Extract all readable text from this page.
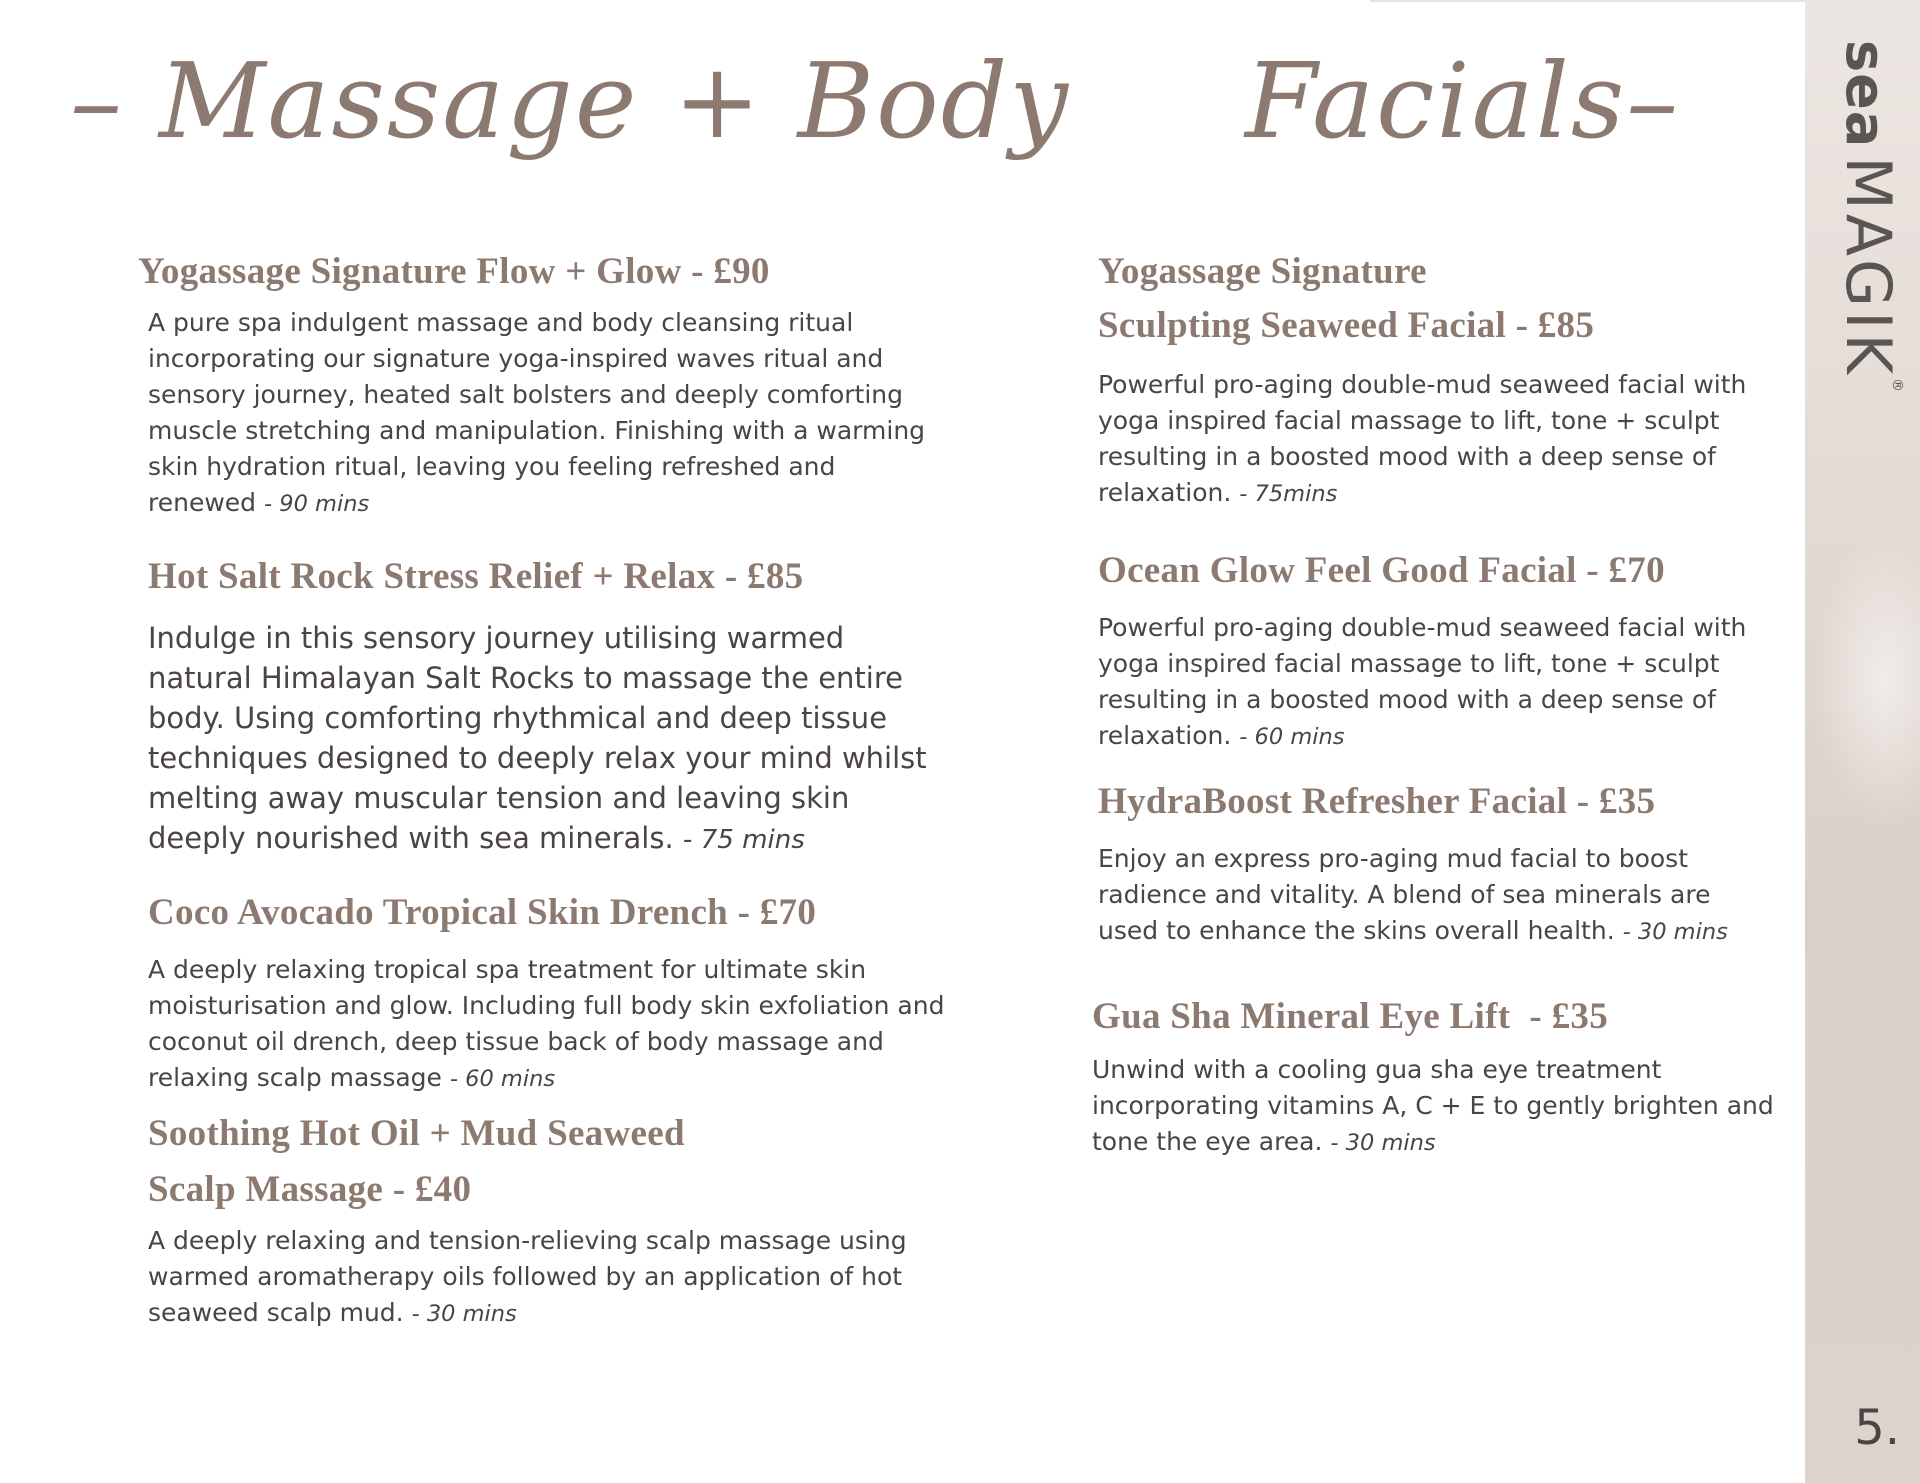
– Massage + Body Facials–
Yogassage Signature Flow + Glow - £90

A pure spa indulgent massage and body cleansing ritual incorporating our signature yoga-inspired waves ritual and sensory journey, heated salt bolsters and deeply comforting muscle stretching and manipulation. Finishing with a warming skin hydration ritual, leaving you feeling refreshed and renewed - 90 mins

Hot Salt Rock Stress Relief + Relax - £85

Indulge in this sensory journey utilising warmed natural Himalayan Salt Rocks to massage the entire body. Using comforting rhythmical and deep tissue techniques designed to deeply relax your mind whilst melting away muscular tension and leaving skin deeply nourished with sea minerals. - 75 mins

Coco Avocado Tropical Skin Drench - £70

A deeply relaxing tropical spa treatment for ultimate skin moisturisation and glow. Including full body skin exfoliation and coconut oil drench, deep tissue back of body massage and relaxing scalp massage - 60 mins

Soothing Hot Oil + Mud Seaweed
Scalp Massage - £40

A deeply relaxing and tension-relieving scalp massage using warmed aromatherapy oils followed by an application of hot seaweed scalp mud. - 30 mins

Yogassage Signature
Sculpting Seaweed Facial - £85

Powerful pro-aging double-mud seaweed facial with
yoga inspired facial massage to lift, tone + sculpt resulting in a boosted mood with a deep sense of relaxation. - 75mins

Ocean Glow Feel Good Facial - £70

Powerful pro-aging double-mud seaweed facial with
yoga inspired facial massage to lift, tone + sculpt resulting in a boosted mood with a deep sense of relaxation. - 60 mins

HydraBoost Refresher Facial - £35

Enjoy an express pro-aging mud facial to boost radience and vitality. A blend of sea minerals are used to enhance the skins overall health. - 30 mins

Gua Sha Mineral Eye Lift  - £35

Unwind with a cooling gua sha eye treatment incorporating vitamins A, C + E to gently brighten and tone the eye area. - 30 mins

seaMAGIK®
5.
